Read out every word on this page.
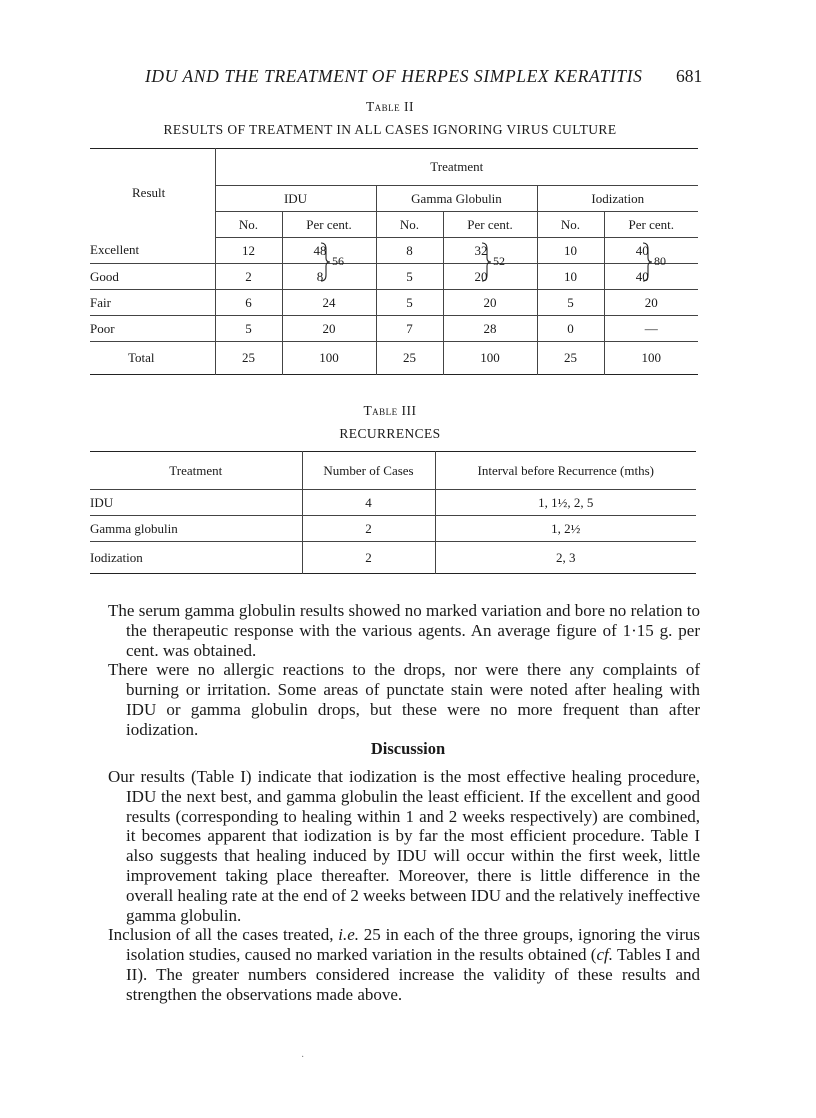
IDU AND THE TREATMENT OF HERPES SIMPLEX KERATITIS 681
Table II
RESULTS OF TREATMENT IN ALL CASES IGNORING VIRUS CULTURE
Result	Treatment					
	IDU		Gamma Globulin		Iodization	
	No.	Per cent.	No.	Per cent.	No.	Per cent.
Excellent	12	48	8	32	10	40
Good	2	8	5	20	10	40
Fair	6	24	5	20	5	20
Poor	5	20	7	28	0	—
Total	25	100	25	100	25	100
56	52	80
Table III
RECURRENCES
Treatment	Number of Cases	Interval before Recurrence (mths)
IDU	4	1, 1½, 2, 5
Gamma globulin	2	1, 2½
Iodization	2	2, 3

The serum gamma globulin results showed no marked variation and bore no relation to the therapeutic response with the various agents. An average figure of 1·15 g. per cent. was obtained.

There were no allergic reactions to the drops, nor were there any complaints of burning or irritation. Some areas of punctate stain were noted after healing with IDU or gamma globulin drops, but these were no more frequent than after iodization.

Discussion

Our results (Table I) indicate that iodization is the most effective healing procedure, IDU the next best, and gamma globulin the least efficient. If the excellent and good results (corresponding to healing within 1 and 2 weeks respectively) are combined, it becomes apparent that iodization is by far the most efficient procedure. Table I also suggests that healing induced by IDU will occur within the first week, little improvement taking place thereafter. Moreover, there is little difference in the overall healing rate at the end of 2 weeks between IDU and the relatively ineffective gamma globulin.

Inclusion of all the cases treated, i.e. 25 in each of the three groups, ignoring the virus isolation studies, caused no marked variation in the results obtained (cf. Tables I and II). The greater numbers considered increase the validity of these results and strengthen the observations made above.

·
